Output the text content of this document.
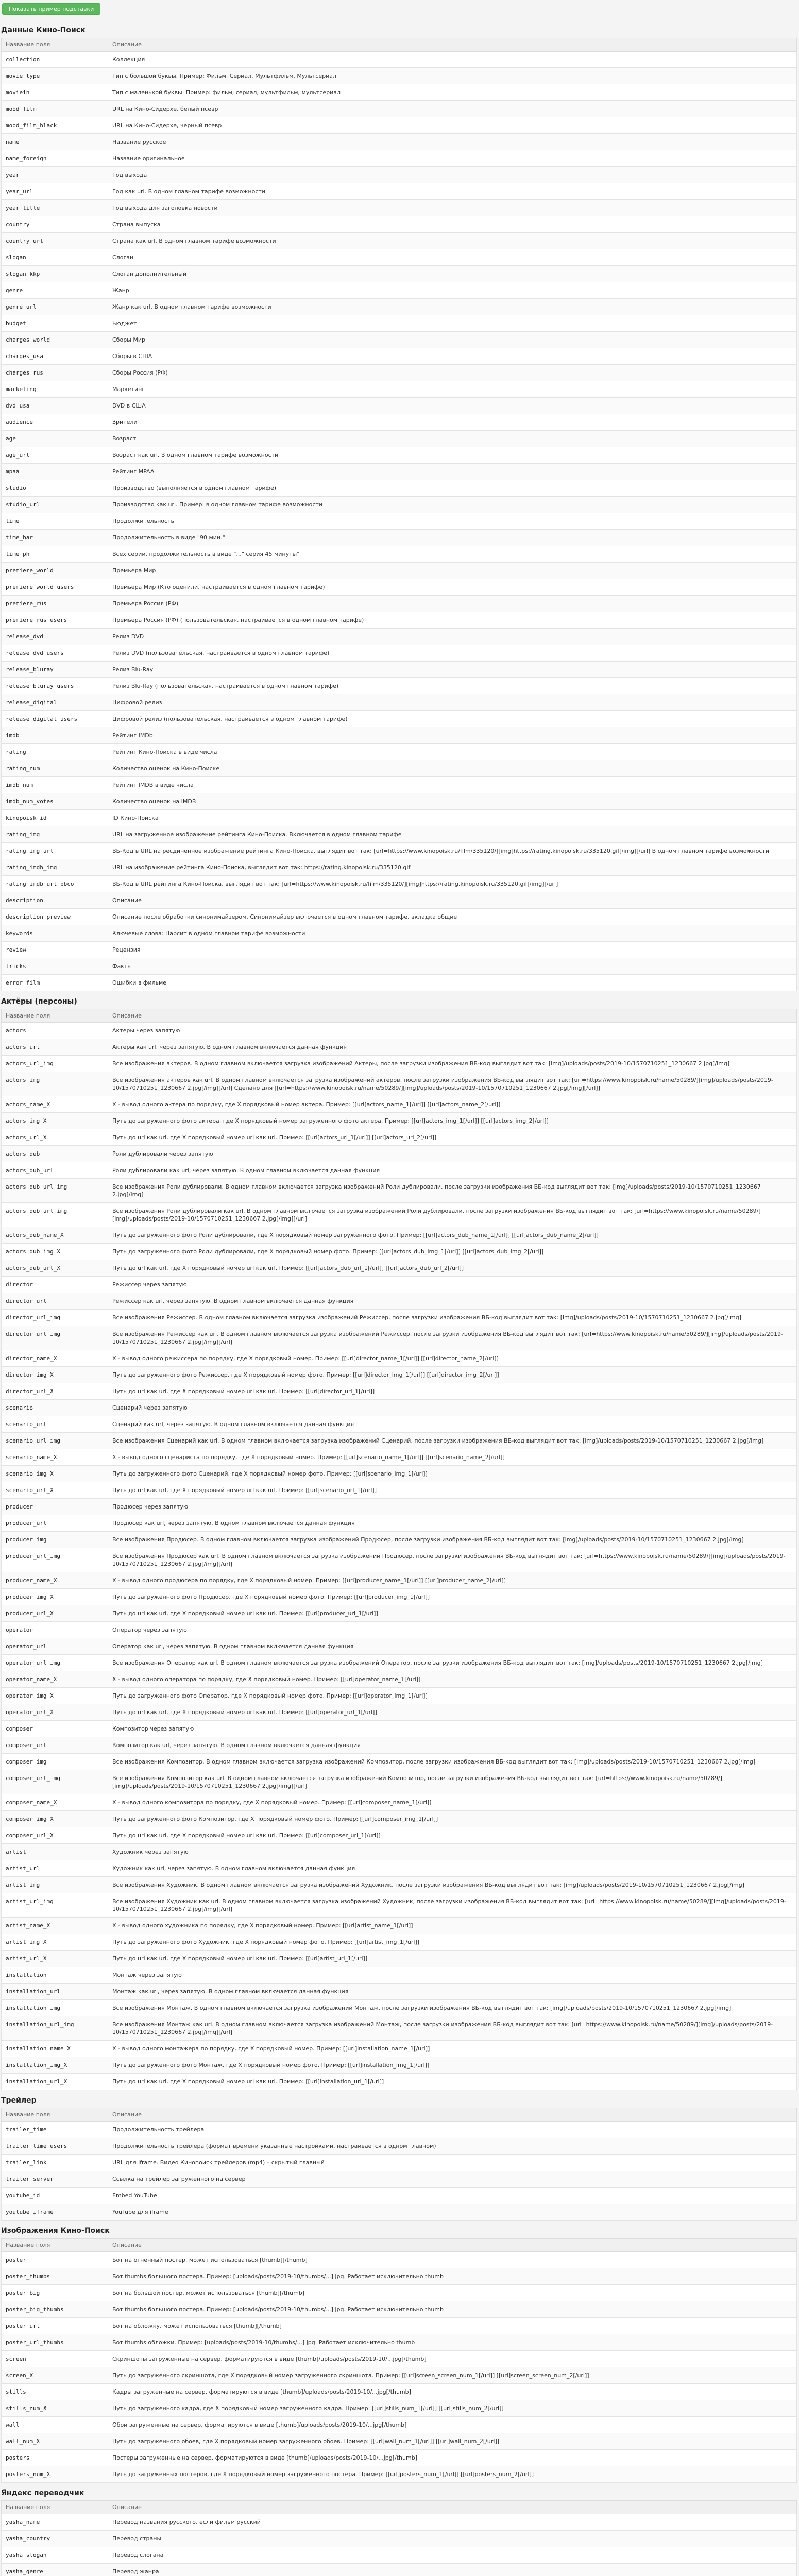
Показать пример подставки
Данные Кино-Поиск
Название поля	Описание
collection	Коллекция
movie_type	Тип с большой буквы. Пример: Фильм, Сериал, Мультфильм, Мультсериал
moviein	Тип с маленькой буквы. Пример: фильм, сериал, мультфильм, мультсериал
mood_film	URL на Кино-Сидерхе, белый псевр
mood_film_black	URL на Кино-Сидерхе, черный псевр
name	Название русское
name_foreign	Название оригинальное
year	Год выхода
year_url	Год как url. В одном главном тарифе возможности
year_title	Год выхода для заголовка новости
country	Страна выпуска
country_url	Страна как url. В одном главном тарифе возможности
slogan	Слоган
slogan_kkp	Слоган дополнительный
genre	Жанр
genre_url	Жанр как url. В одном главном тарифе возможности
budget	Бюджет
charges_world	Сборы Мир
charges_usa	Сборы в США
charges_rus	Сборы Россия (РФ)
marketing	Маркетинг
dvd_usa	DVD в США
audience	Зрители
age	Возраст
age_url	Возраст как url. В одном главном тарифе возможности
mpaa	Рейтинг MPAA
studio	Производство (выполняется в одном главном тарифе)
studio_url	Производство как url. Пример: в одном главном тарифе возможности
time	Продолжительность
time_bar	Продолжительность в виде "90 мин."
time_ph	Всех серии, продолжительность в виде "..." серия 45 минуты"
premiere_world	Премьера Мир
premiere_world_users	Премьера Мир (Кто оценили, настраивается в одном главном тарифе)
premiere_rus	Премьера Россия (РФ)
premiere_rus_users	Премьера Россия (РФ) (пользовательская, настраивается в одном главном тарифе)
release_dvd	Релиз DVD
release_dvd_users	Релиз DVD (пользовательская, настраивается в одном главном тарифе)
release_bluray	Релиз Blu-Ray
release_bluray_users	Релиз Blu-Ray (пользовательская, настраивается в одном главном тарифе)
release_digital	Цифровой релиз
release_digital_users	Цифровой релиз (пользовательская, настраивается в одном главном тарифе)
imdb	Рейтинг IMDb
rating	Рейтинг Кино-Поиска в виде числа
rating_num	Количество оценок на Кино-Поиске
imdb_num	Рейтинг IMDB в виде числа
imdb_num_votes	Количество оценок на IMDB
kinopoisk_id	ID Кино-Поиска
rating_img	URL на загруженное изображение рейтинга Кино-Поиска. Включается в одном главном тарифе
rating_img_url	ВБ-Код в URL на ресдиненное изображение рейтинга Кино-Поиска, выглядит вот так: [url=https://www.kinopoisk.ru/film/335120/][img]https://rating.kinopoisk.ru/335120.gif[/img][/url] В одном главном тарифе возможности
rating_imdb_img	URL на изображение рейтинга Кино-Поиска, выглядит вот так: https://rating.kinopoisk.ru/335120.gif
rating_imdb_url_bbco	ВБ-Код в URL рейтинга Кино-Поиска, выглядит вот так: [url=https://www.kinopoisk.ru/film/335120/][img]https://rating.kinopoisk.ru/335120.gif[/img][/url]
description	Описание
description_preview	Описание после обработки синонимайзером. Синонимайзер включается в одном главном тарифе, вкладка общие
keywords	Ключевые слова: Парсит в одном главном тарифе возможности
review	Рецензия
tricks	Факты
error_film	Ошибки в фильме
Актёры (персоны)
Название поля	Описание
actors	Актеры через запятую
actors_url	Актеры как url, через запятую. В одном главном включается данная функция
actors_url_img	Все изображения актеров. В одном главном включается загрузка изображений Актеры, после загрузки изображения ВБ-код выглядит вот так: [img]/uploads/posts/2019-10/1570710251_1230667 2.jpg[/img]
actors_img	Все изображения актеров как url. В одном главном включается загрузка изображений актеров, после загрузки изображения ВБ-код выглядит вот так: [url=https://www.kinopoisk.ru/name/50289/][img]/uploads/posts/2019-10/1570710251_1230667 2.jpg[/img][/url] Сделано для [[url=https://www.kinopoisk.ru/name/50289/][img]/uploads/posts/2019-10/1570710251_1230667 2.jpg[/img][/url]]
actors_name_X	Х - вывод одного актера по порядку, где Х порядковый номер актера. Пример: [[url]actors_name_1[/url]] [[url]actors_name_2[/url]]
actors_img_X	Путь до загруженного фото актера, где Х порядковый номер загруженного фото актера. Пример: [[url]actors_img_1[/url]] [[url]actors_img_2[/url]]
actors_url_X	Путь до url как url, где Х порядковый номер url как url. Пример: [[url]actors_url_1[/url]] [[url]actors_url_2[/url]]
actors_dub	Роли дублировали через запятую
actors_dub_url	Роли дублировали как url, через запятую. В одном главном включается данная функция
actors_dub_url_img	Все изображения Роли дублировали. В одном главном включается загрузка изображений Роли дублировали, после загрузки изображения ВБ-код выглядит вот так: [img]/uploads/posts/2019-10/1570710251_1230667 2.jpg[/img]
actors_dub_url_img	Все изображения Роли дублировали как url. В одном главном включается загрузка изображений Роли дублировали, после загрузки изображения ВБ-код выглядит вот так: [url=https://www.kinopoisk.ru/name/50289/][img]/uploads/posts/2019-10/1570710251_1230667 2.jpg[/img][/url]
actors_dub_name_X	Путь до загруженного фото Роли дублировали, где Х порядковый номер загруженного фото. Пример: [[url]actors_dub_name_1[/url]] [[url]actors_dub_name_2[/url]]
actors_dub_img_X	Путь до загруженного фото Роли дублировали, где Х порядковый номер фото. Пример: [[url]actors_dub_img_1[/url]] [[url]actors_dub_img_2[/url]]
actors_dub_url_X	Путь до url как url, где Х порядковый номер url как url. Пример: [[url]actors_dub_url_1[/url]] [[url]actors_dub_url_2[/url]]
director	Режиссер через запятую
director_url	Режиссер как url, через запятую. В одном главном включается данная функция
director_url_img	Все изображения Режиссер. В одном главном включается загрузка изображений Режиссер, после загрузки изображения ВБ-код выглядит вот так: [img]/uploads/posts/2019-10/1570710251_1230667 2.jpg[/img]
director_url_img	Все изображения Режиссер как url. В одном главном включается загрузка изображений Режиссер, после загрузки изображения ВБ-код выглядит вот так: [url=https://www.kinopoisk.ru/name/50289/][img]/uploads/posts/2019-10/1570710251_1230667 2.jpg[/img][/url]
director_name_X	Х - вывод одного режиссера по порядку, где Х порядковый номер. Пример: [[url]director_name_1[/url]] [[url]director_name_2[/url]]
director_img_X	Путь до загруженного фото Режиссер, где Х порядковый номер фото. Пример: [[url]director_img_1[/url]] [[url]director_img_2[/url]]
director_url_X	Путь до url как url, где Х порядковый номер url как url. Пример: [[url]director_url_1[/url]]
scenario	Сценарий через запятую
scenario_url	Сценарий как url, через запятую. В одном главном включается данная функция
scenario_url_img	Все изображения Сценарий как url. В одном главном включается загрузка изображений Сценарий, после загрузки изображения ВБ-код выглядит вот так: [img]/uploads/posts/2019-10/1570710251_1230667 2.jpg[/img]
scenario_name_X	Х - вывод одного сценариста по порядку, где Х порядковый номер. Пример: [[url]scenario_name_1[/url]] [[url]scenario_name_2[/url]]
scenario_img_X	Путь до загруженного фото Сценарий, где Х порядковый номер фото. Пример: [[url]scenario_img_1[/url]]
scenario_url_X	Путь до url как url, где Х порядковый номер url как url. Пример: [[url]scenario_url_1[/url]]
producer	Продюсер через запятую
producer_url	Продюсер как url, через запятую. В одном главном включается данная функция
producer_img	Все изображения Продюсер. В одном главном включается загрузка изображений Продюсер, после загрузки изображения ВБ-код выглядит вот так: [img]/uploads/posts/2019-10/1570710251_1230667 2.jpg[/img]
producer_url_img	Все изображения Продюсер как url. В одном главном включается загрузка изображений Продюсер, после загрузки изображения ВБ-код выглядит вот так: [url=https://www.kinopoisk.ru/name/50289/][img]/uploads/posts/2019-10/1570710251_1230667 2.jpg[/img][/url]
producer_name_X	Х - вывод одного продюсера по порядку, где Х порядковый номер. Пример: [[url]producer_name_1[/url]] [[url]producer_name_2[/url]]
producer_img_X	Путь до загруженного фото Продюсер, где Х порядковый номер фото. Пример: [[url]producer_img_1[/url]]
producer_url_X	Путь до url как url, где Х порядковый номер url как url. Пример: [[url]producer_url_1[/url]]
operator	Оператор через запятую
operator_url	Оператор как url, через запятую. В одном главном включается данная функция
operator_url_img	Все изображения Оператор как url. В одном главном включается загрузка изображений Оператор, после загрузки изображения ВБ-код выглядит вот так: [img]/uploads/posts/2019-10/1570710251_1230667 2.jpg[/img]
operator_name_X	Х - вывод одного оператора по порядку, где Х порядковый номер. Пример: [[url]operator_name_1[/url]]
operator_img_X	Путь до загруженного фото Оператор, где Х порядковый номер фото. Пример: [[url]operator_img_1[/url]]
operator_url_X	Путь до url как url, где Х порядковый номер url как url. Пример: [[url]operator_url_1[/url]]
composer	Композитор через запятую
composer_url	Композитор как url, через запятую. В одном главном включается данная функция
composer_img	Все изображения Композитор. В одном главном включается загрузка изображений Композитор, после загрузки изображения ВБ-код выглядит вот так: [img]/uploads/posts/2019-10/1570710251_1230667 2.jpg[/img]
composer_url_img	Все изображения Композитор как url. В одном главном включается загрузка изображений Композитор, после загрузки изображения ВБ-код выглядит вот так: [url=https://www.kinopoisk.ru/name/50289/][img]/uploads/posts/2019-10/1570710251_1230667 2.jpg[/img][/url]
composer_name_X	Х - вывод одного композитора по порядку, где Х порядковый номер. Пример: [[url]composer_name_1[/url]]
composer_img_X	Путь до загруженного фото Композитор, где Х порядковый номер фото. Пример: [[url]composer_img_1[/url]]
composer_url_X	Путь до url как url, где Х порядковый номер url как url. Пример: [[url]composer_url_1[/url]]
artist	Художник через запятую
artist_url	Художник как url, через запятую. В одном главном включается данная функция
artist_img	Все изображения Художник. В одном главном включается загрузка изображений Художник, после загрузки изображения ВБ-код выглядит вот так: [img]/uploads/posts/2019-10/1570710251_1230667 2.jpg[/img]
artist_url_img	Все изображения Художник как url. В одном главном включается загрузка изображений Художник, после загрузки изображения ВБ-код выглядит вот так: [url=https://www.kinopoisk.ru/name/50289/][img]/uploads/posts/2019-10/1570710251_1230667 2.jpg[/img][/url]
artist_name_X	Х - вывод одного художника по порядку, где Х порядковый номер. Пример: [[url]artist_name_1[/url]]
artist_img_X	Путь до загруженного фото Художник, где Х порядковый номер фото. Пример: [[url]artist_img_1[/url]]
artist_url_X	Путь до url как url, где Х порядковый номер url как url. Пример: [[url]artist_url_1[/url]]
installation	Монтаж через запятую
installation_url	Монтаж как url, через запятую. В одном главном включается данная функция
installation_img	Все изображения Монтаж. В одном главном включается загрузка изображений Монтаж, после загрузки изображения ВБ-код выглядит вот так: [img]/uploads/posts/2019-10/1570710251_1230667 2.jpg[/img]
installation_url_img	Все изображения Монтаж как url. В одном главном включается загрузка изображений Монтаж, после загрузки изображения ВБ-код выглядит вот так: [url=https://www.kinopoisk.ru/name/50289/][img]/uploads/posts/2019-10/1570710251_1230667 2.jpg[/img][/url]
installation_name_X	Х - вывод одного монтажера по порядку, где Х порядковый номер. Пример: [[url]installation_name_1[/url]]
installation_img_X	Путь до загруженного фото Монтаж, где Х порядковый номер фото. Пример: [[url]installation_img_1[/url]]
installation_url_X	Путь до url как url, где Х порядковый номер url как url. Пример: [[url]installation_url_1[/url]]
Трейлер
Название поля	Описание
trailer_time	Продолжительность трейлера
trailer_time_users	Продолжительность трейлера (формат времени указанные настройками, настраивается в одном главном)
trailer_link	URL для iframe. Видео Кинопоиск трейлеров (mp4) – скрытый главный
trailer_server	Ссылка на трейлер загруженного на сервер
youtube_id	Embed YouTube
youtube_iframe	YouTube для iframe
Изображения Кино-Поиск
Название поля	Описание
poster	Бот на огненный постер, может использоваться [thumb][/thumb]
poster_thumbs	Бот thumbs большого постера. Пример: [uploads/posts/2019-10/thumbs/...] jpg. Работает исключительно thumb
poster_big	Бот на большой постер, может использоваться [thumb][/thumb]
poster_big_thumbs	Бот thumbs большого постера. Пример: [uploads/posts/2019-10/thumbs/...] jpg. Работает исключительно thumb
poster_url	Бот на обложку, может использоваться [thumb][/thumb]
poster_url_thumbs	Бот thumbs обложки. Пример: [uploads/posts/2019-10/thumbs/...] jpg. Работает исключительно thumb
screen	Скриншоты загруженные на сервер, форматируются в виде [thumb]/uploads/posts/2019-10/...jpg[/thumb]
screen_X	Путь до загруженного скриншота, где Х порядковый номер загруженного скриншота. Пример: [[url]screen_screen_num_1[/url]] [[url]screen_screen_num_2[/url]]
stills	Кадры загруженные на сервер, форматируются в виде [thumb]/uploads/posts/2019-10/...jpg[/thumb]
stills_num_X	Путь до загруженного кадра, где Х порядковый номер загруженного кадра. Пример: [[url]stills_num_1[/url]] [[url]stills_num_2[/url]]
wall	Обои загруженные на сервер, форматируются в виде [thumb]/uploads/posts/2019-10/...jpg[/thumb]
wall_num_X	Путь до загруженного обоев, где Х порядковый номер загруженного обоев. Пример: [[url]wall_num_1[/url]] [[url]wall_num_2[/url]]
posters	Постеры загруженные на сервер, форматируются в виде [thumb]/uploads/posts/2019-10/...jpg[/thumb]
posters_num_X	Путь до загруженных постеров, где Х порядковый номер загруженного постера. Пример: [[url]posters_num_1[/url]] [[url]posters_num_2[/url]]
Яндекс переводчик
Название поля	Описание
yasha_name	Перевод названия русского, если фильм русский
yasha_country	Перевод страны
yasha_slogan	Перевод слогана
yasha_genre	Перевод жанра
